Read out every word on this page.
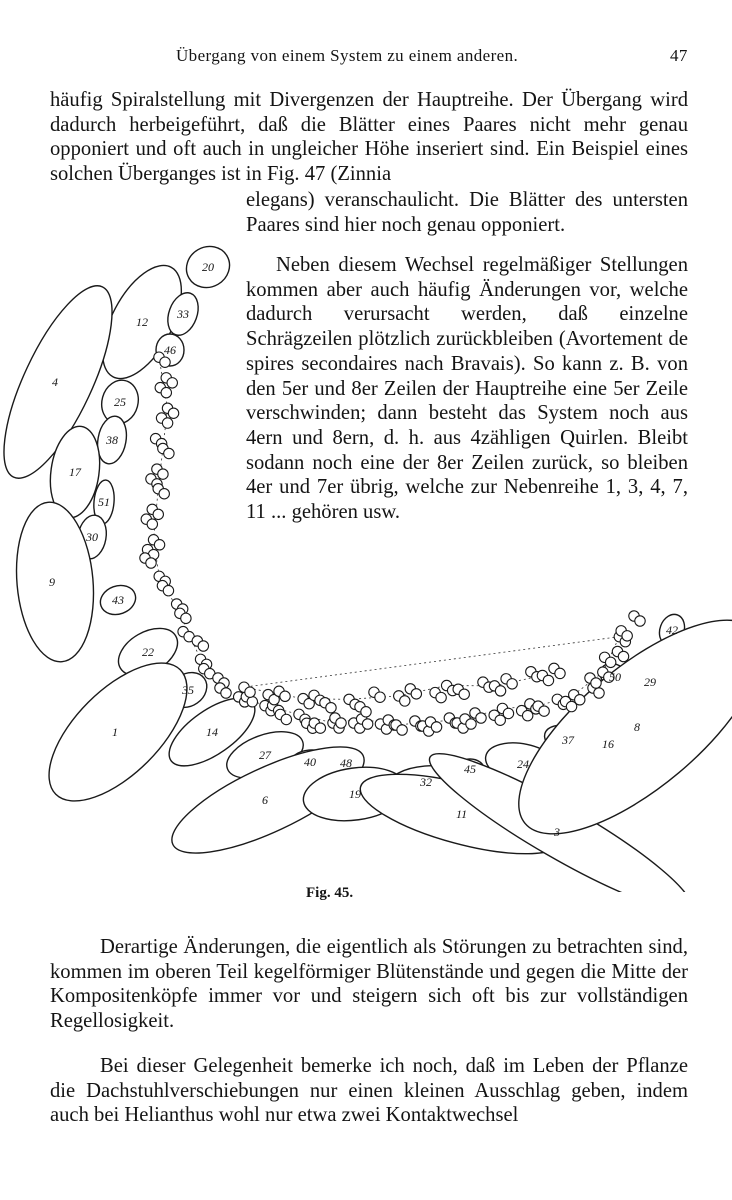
Übergang von einem System zu einem anderen.	47

häufig Spiralstellung mit Divergenzen der Hauptreihe. Der Übergang wird dadurch herbeigeführt, daß die Blätter eines Paares nicht mehr genau opponiert und oft auch in ungleicher Höhe inseriert sind. Ein Beispiel eines solchen Überganges ist in Fig. 47 (Zinnia

elegans) veranschaulicht. Die Blätter des untersten Paares sind hier noch genau opponiert.

Neben diesem Wechsel regelmäßiger Stellungen kommen aber auch häufig Änderungen vor, welche dadurch verursacht werden, daß einzelne Schrägzeilen plötzlich zurückbleiben (Avortement de spires secondaires nach Bravais). So kann z. B. von den 5er und 8er Zeilen der Hauptreihe eine 5er Zeile verschwinden; dann besteht das System noch aus 4ern und 8ern, d. h. aus 4zähligen Quirlen. Bleibt sodann noch eine der 8er Zeilen zurück, so bleiben 4er und 7er übrig, welche zur Nebenreihe 1, 3, 4, 7, 11 ... gehören usw.

20
12
33
46
4
25
38
17
51
30
9
43
22
35
14
1
27	40 48
6	19
32
45
11
24
37 16
3
29
50
42
8
Fig. 45.

Derartige Änderungen, die eigentlich als Störungen zu betrachten sind, kommen im oberen Teil kegelförmiger Blütenstände und gegen die Mitte der Kompositenköpfe immer vor und steigern sich oft bis zur vollständigen Regellosigkeit.

Bei dieser Gelegenheit bemerke ich noch, daß im Leben der Pflanze die Dachstuhlverschiebungen nur einen kleinen Ausschlag geben, indem auch bei Helianthus wohl nur etwa zwei Kontaktwechsel
